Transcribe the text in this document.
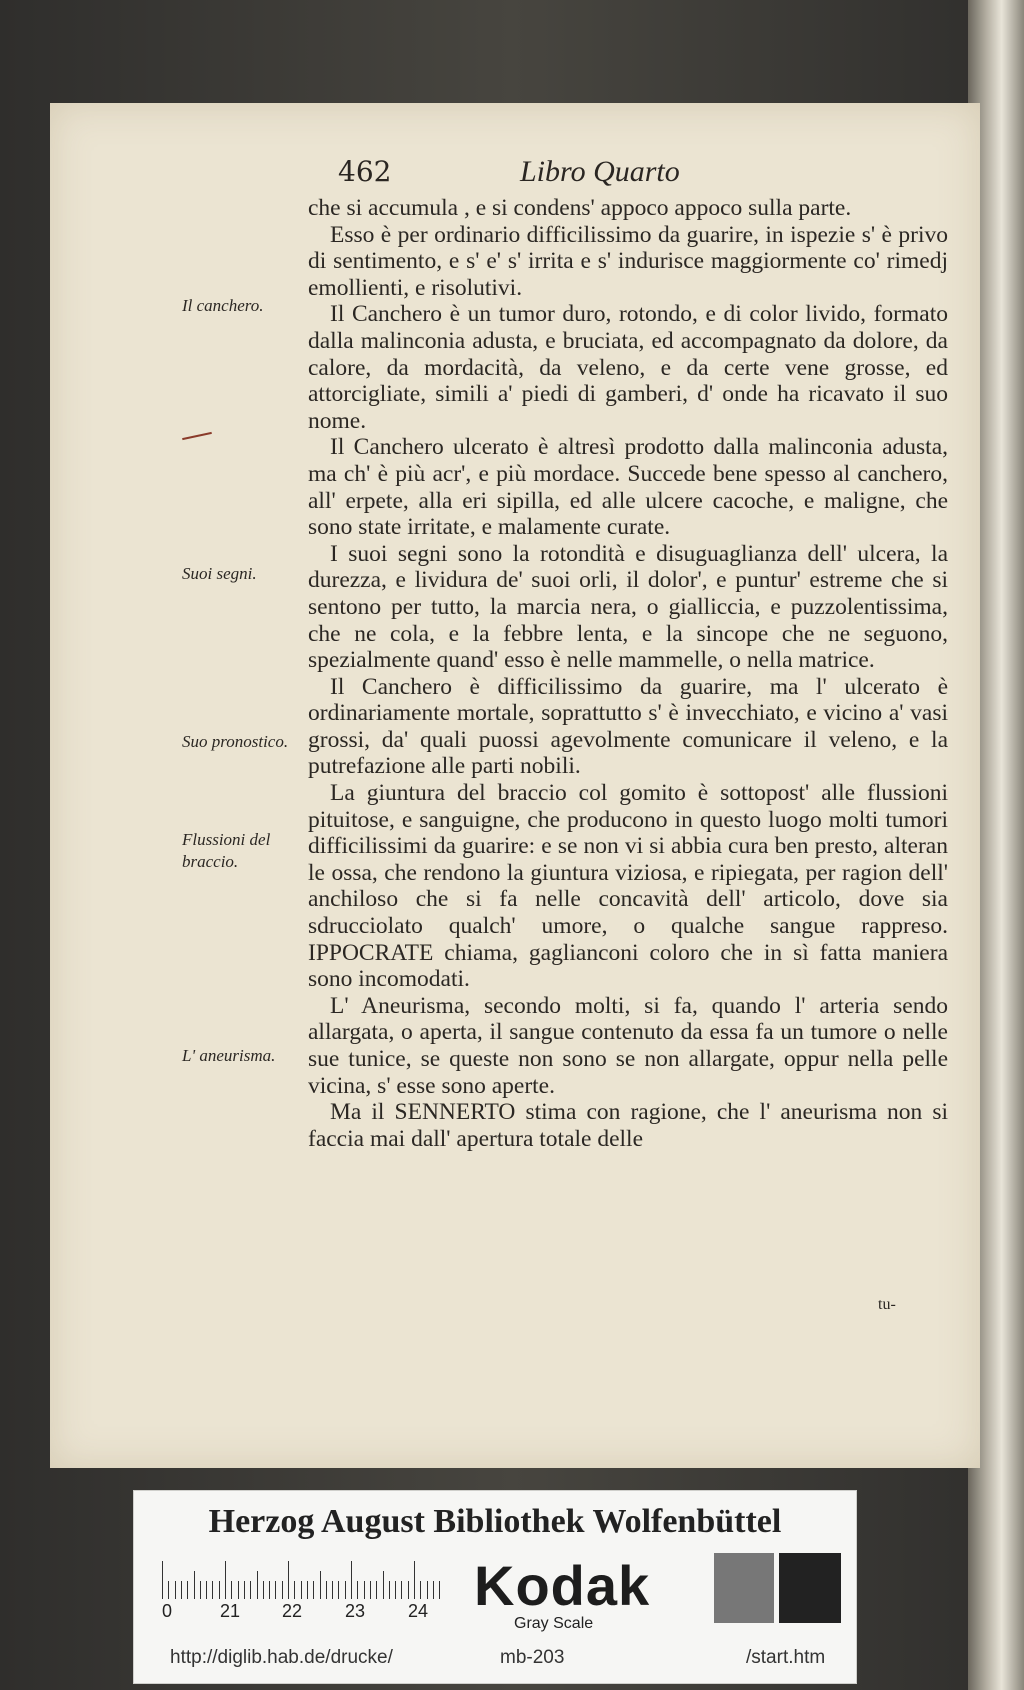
462	Libro Quarto
Il canchero.
Suoi segni.
Suo pronostico.
Flussioni del braccio.
L' aneurisma.

che si accumula , e si condens' appoco appoco sulla parte.

Esso è per ordinario difficilissimo da guarire, in ispezie s' è privo di sentimento, e s' e' s' irrita e s' indurisce maggiormente co' rimedj emollienti, e risolutivi.

Il Canchero è un tumor duro, rotondo, e di color livido, formato dalla malinconia adusta, e bruciata, ed accompagnato da dolore, da calore, da mordacità, da veleno, e da certe vene grosse, ed attorcigliate, simili a' piedi di gamberi, d' onde ha ricavato il suo nome.

Il Canchero ulcerato è altresì prodotto dalla malinconia adusta, ma ch' è più acr', e più mordace. Succede bene spesso al canchero, all' erpete, alla eri sipilla, ed alle ulcere cacoche, e maligne, che sono state irritate, e malamente curate.

I suoi segni sono la rotondità e disuguaglianza dell' ulcera, la durezza, e lividura de' suoi orli, il dolor', e puntur' estreme che si sentono per tutto, la marcia nera, o gialliccia, e puzzolentissima, che ne cola, e la febbre lenta, e la sincope che ne seguono, spezialmente quand' esso è nelle mammelle, o nella matrice.

Il Canchero è difficilissimo da guarire, ma l' ulcerato è ordinariamente mortale, soprattutto s' è invecchiato, e vicino a' vasi grossi, da' quali puossi agevolmente comunicare il veleno, e la putrefazione alle parti nobili.

La giuntura del braccio col gomito è sottopost' alle flussioni pituitose, e sanguigne, che producono in questo luogo molti tumori difficilissimi da guarire: e se non vi si abbia cura ben presto, alteran le ossa, che rendono la giuntura viziosa, e ripiegata, per ragion dell' anchiloso che si fa nelle concavità dell' articolo, dove sia sdrucciolato qualch' umore, o qualche sangue rappreso. IPPOCRATE chiama, gaglianconi coloro che in sì fatta maniera sono incomodati.

L' Aneurisma, secondo molti, si fa, quando l' arteria sendo allargata, o aperta, il sangue contenuto da essa fa un tumore o nelle sue tunice, se queste non sono se non allargate, oppur nella pelle vicina, s' esse sono aperte.

Ma il SENNERTO stima con ragione, che l' aneurisma non si faccia mai dall' apertura totale delle

tu-
Herzog August Bibliothek Wolfenbüttel
0	21 22 23 24 Kodak
Gray Scale
http://diglib.hab.de/drucke/	mb-203	/start.htm
